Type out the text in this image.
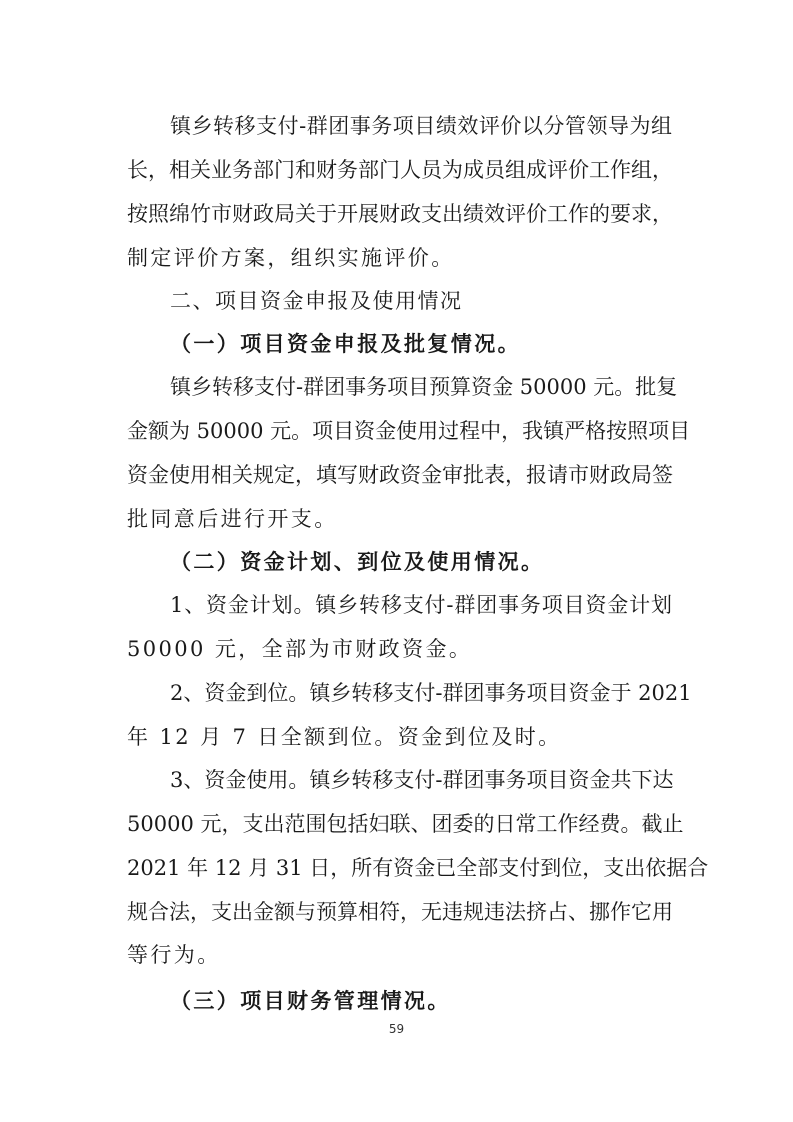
镇乡转移支付-群团事务项目绩效评价以分管领导为组
长，相关业务部门和财务部门人员为成员组成评价工作组，
按照绵竹市财政局关于开展财政支出绩效评价工作的要求，
制定评价方案，组织实施评价。
二、项目资金申报及使用情况
（一）项目资金申报及批复情况。
镇乡转移支付-群团事务项目预算资金 50000 元。批复
金额为 50000 元。项目资金使用过程中，我镇严格按照项目
资金使用相关规定，填写财政资金审批表，报请市财政局签
批同意后进行开支。
（二）资金计划、到位及使用情况。
1、资金计划。镇乡转移支付-群团事务项目资金计划
50000 元，全部为市财政资金。
2、资金到位。镇乡转移支付-群团事务项目资金于 2021
年 12 月 7 日全额到位。资金到位及时。
3、资金使用。镇乡转移支付-群团事务项目资金共下达
50000 元，支出范围包括妇联、团委的日常工作经费。截止
2021 年 12 月 31 日，所有资金已全部支付到位，支出依据合
规合法，支出金额与预算相符，无违规违法挤占、挪作它用
等行为。
（三）项目财务管理情况。
59
